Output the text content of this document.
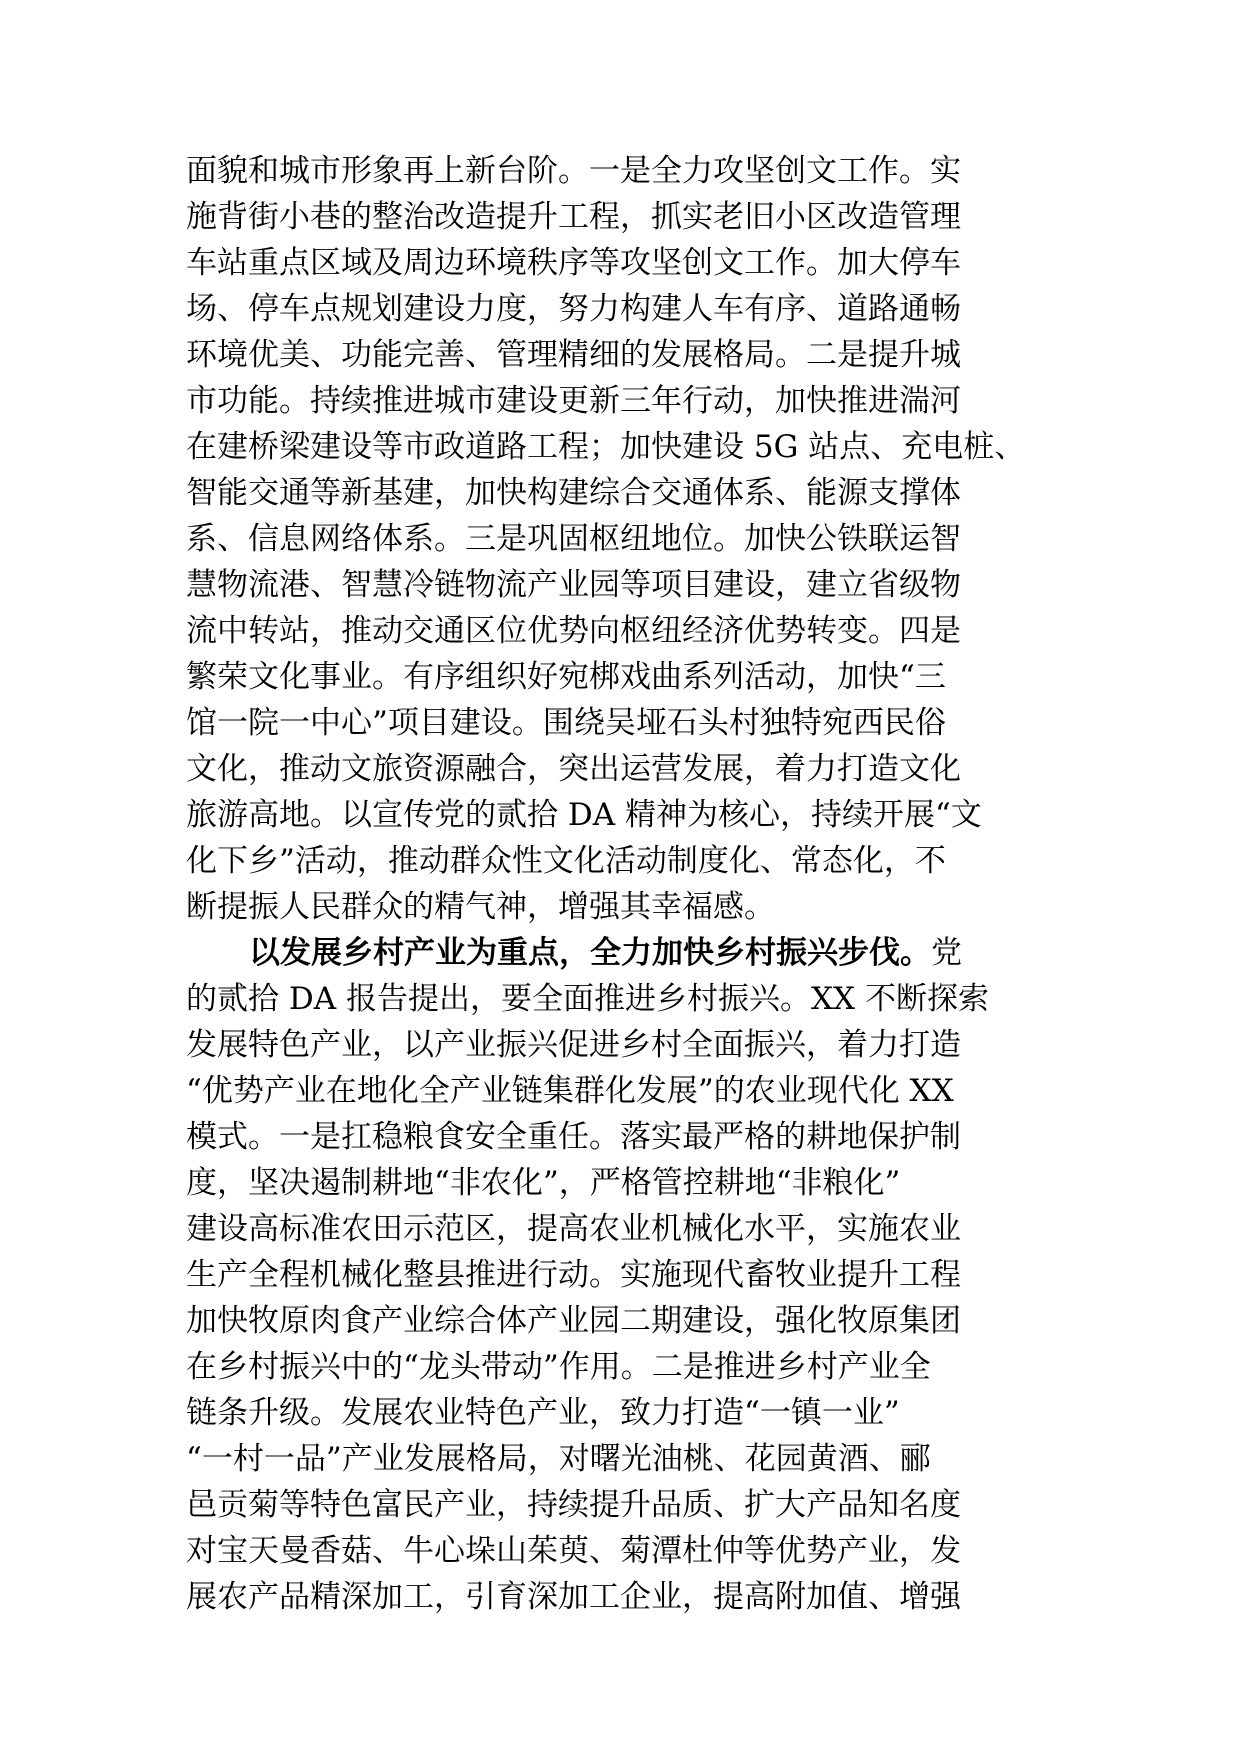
面貌和城市形象再上新台阶。一是全力攻坚创文工作。实
施背街小巷的整治改造提升工程，抓实老旧小区改造管理
车站重点区域及周边环境秩序等攻坚创文工作。加大停车
场、停车点规划建设力度，努力构建人车有序、道路通畅
环境优美、功能完善、管理精细的发展格局。二是提升城
市功能。持续推进城市建设更新三年行动，加快推进湍河
在建桥梁建设等市政道路工程；加快建设 5G 站点、充电桩、
智能交通等新基建，加快构建综合交通体系、能源支撑体
系、信息网络体系。三是巩固枢纽地位。加快公铁联运智
慧物流港、智慧冷链物流产业园等项目建设，建立省级物
流中转站，推动交通区位优势向枢纽经济优势转变。四是
繁荣文化事业。有序组织好宛梆戏曲系列活动，加快“三
馆一院一中心”项目建设。围绕吴垭石头村独特宛西民俗
文化，推动文旅资源融合，突出运营发展，着力打造文化
旅游高地。以宣传党的贰拾 DA 精神为核心，持续开展“文
化下乡”活动，推动群众性文化活动制度化、常态化，不
断提振人民群众的精气神，增强其幸福感。
以发展乡村产业为重点，全力加快乡村振兴步伐。党
的贰拾 DA 报告提出，要全面推进乡村振兴。XX 不断探索
发展特色产业，以产业振兴促进乡村全面振兴，着力打造
“优势产业在地化全产业链集群化发展”的农业现代化 XX
模式。一是扛稳粮食安全重任。落实最严格的耕地保护制
度，坚决遏制耕地“非农化”，严格管控耕地“非粮化”
建设高标准农田示范区，提高农业机械化水平，实施农业
生产全程机械化整县推进行动。实施现代畜牧业提升工程
加快牧原肉食产业综合体产业园二期建设，强化牧原集团
在乡村振兴中的“龙头带动”作用。二是推进乡村产业全
链条升级。发展农业特色产业，致力打造“一镇一业”
“一村一品”产业发展格局，对曙光油桃、花园黄酒、郦
邑贡菊等特色富民产业，持续提升品质、扩大产品知名度
对宝天曼香菇、牛心垛山茱萸、菊潭杜仲等优势产业，发
展农产品精深加工，引育深加工企业，提高附加值、增强
